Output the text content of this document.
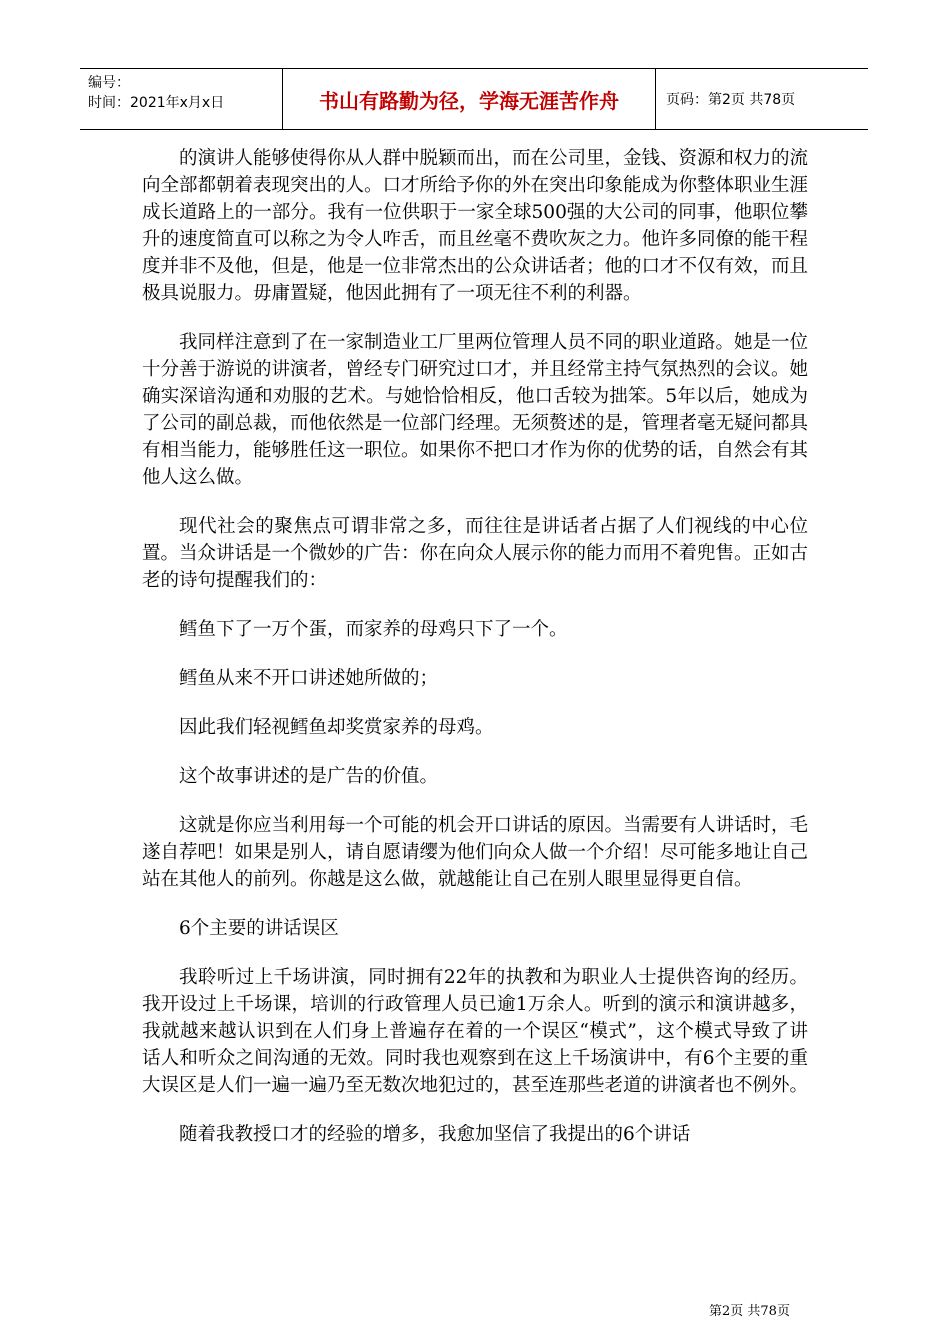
编号：
时间：2021年x月x日	书山有路勤为径，学海无涯苦作舟	页码：第2页 共78页

的演讲人能够使得你从人群中脱颖而出，而在公司里，金钱、资源和权力的流向全部都朝着表现突出的人。口才所给予你的外在突出印象能成为你整体职业生涯成长道路上的一部分。我有一位供职于一家全球500强的大公司的同事，他职位攀升的速度简直可以称之为令人咋舌，而且丝毫不费吹灰之力。他许多同僚的能干程度并非不及他，但是，他是一位非常杰出的公众讲话者；他的口才不仅有效，而且极具说服力。毋庸置疑，他因此拥有了一项无往不利的利器。

我同样注意到了在一家制造业工厂里两位管理人员不同的职业道路。她是一位十分善于游说的讲演者，曾经专门研究过口才，并且经常主持气氛热烈的会议。她确实深谙沟通和劝服的艺术。与她恰恰相反，他口舌较为拙笨。5年以后，她成为了公司的副总裁，而他依然是一位部门经理。无须赘述的是，管理者毫无疑问都具有相当能力，能够胜任这一职位。如果你不把口才作为你的优势的话，自然会有其他人这么做。

现代社会的聚焦点可谓非常之多，而往往是讲话者占据了人们视线的中心位置。当众讲话是一个微妙的广告：你在向众人展示你的能力而用不着兜售。正如古老的诗句提醒我们的：

鳕鱼下了一万个蛋，而家养的母鸡只下了一个。

鳕鱼从来不开口讲述她所做的；

因此我们轻视鳕鱼却奖赏家养的母鸡。

这个故事讲述的是广告的价值。

这就是你应当利用每一个可能的机会开口讲话的原因。当需要有人讲话时，毛遂自荐吧！如果是别人，请自愿请缨为他们向众人做一个介绍！尽可能多地让自己站在其他人的前列。你越是这么做，就越能让自己在别人眼里显得更自信。

6个主要的讲话误区

我聆听过上千场讲演，同时拥有22年的执教和为职业人士提供咨询的经历。我开设过上千场课，培训的行政管理人员已逾1万余人。听到的演示和演讲越多，我就越来越认识到在人们身上普遍存在着的一个误区“模式”，这个模式导致了讲话人和听众之间沟通的无效。同时我也观察到在这上千场演讲中，有6个主要的重大误区是人们一遍一遍乃至无数次地犯过的，甚至连那些老道的讲演者也不例外。

随着我教授口才的经验的增多，我愈加坚信了我提出的6个讲话

第2页 共78页
